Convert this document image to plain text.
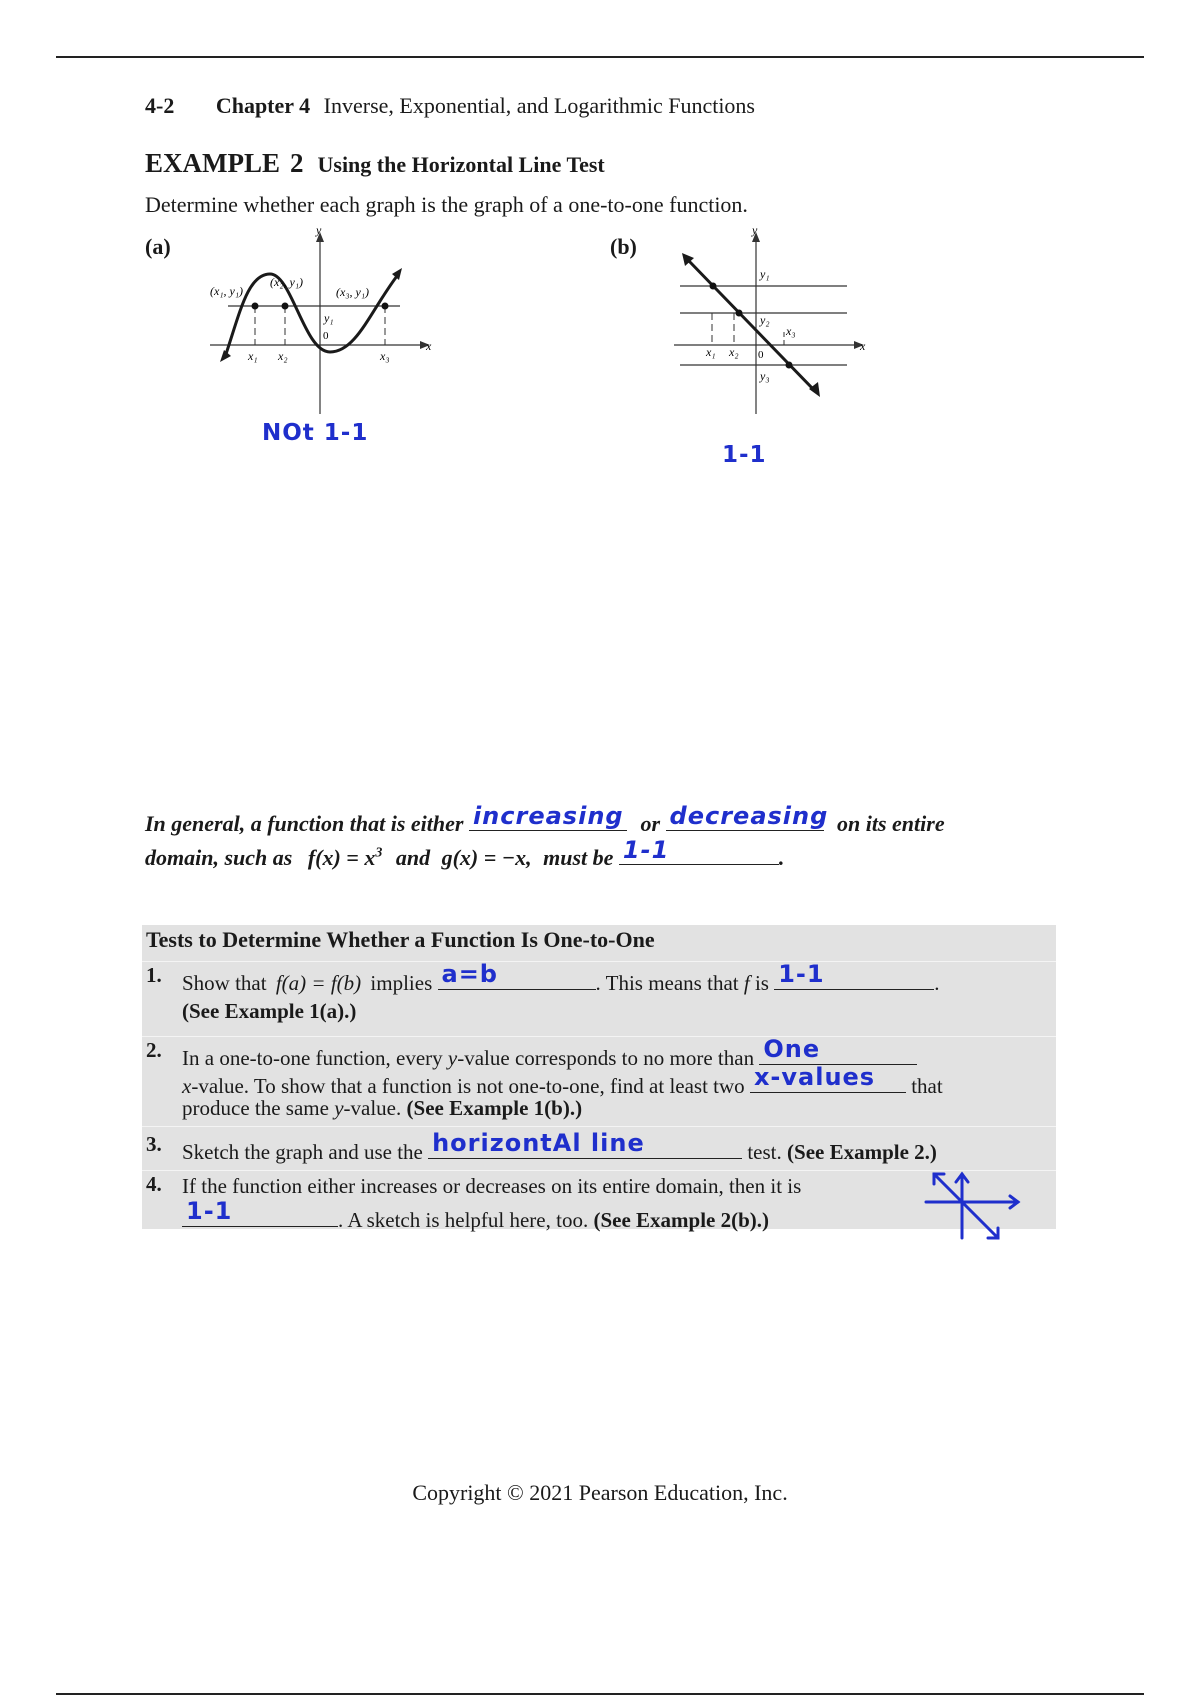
4-2 Chapter 4 Inverse, Exponential, and Logarithmic Functions
EXAMPLE 2 Using the Horizontal Line Test
Determine whether each graph is the graph of a one-to-one function.
(a)
y
x
0
(x₁, y₁)
(x₂, y₁)
(x₃, y₁)
y₁
x₁ x₂	x₃
NOt 1-1
(b)
y
x
0
y₁
y₂
y₃
x₁ x₂
x₃
1-1
In general, a function that is either increasing or decreasing on its entire
domain, such as $f(x) = x^3$ and g(x) = −x, must be 1-1	.
Tests to Determine Whether a Function Is One-to-One
1. Show that f(a) = f(b) implies a=b	. This means that f is 1-1	.
(See Example 1(a).)
2. In a one-to-one function, every y-value corresponds to no more than One
x-value. To show that a function is not one-to-one, find at least two x-values that
produce the same y-value. (See Example 1(b).)
3. Sketch the graph and use the horizontAl line	test. (See Example 2.)
4. If the function either increases or decreases on its entire domain, then it is
1-1	. A sketch is helpful here, too. (See Example 2(b).)
Copyright © 2021 Pearson Education, Inc.
